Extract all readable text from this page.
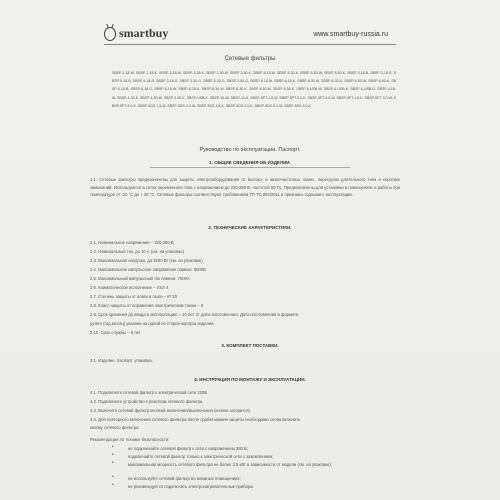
smartbuy	www.smartbuy-russia.ru
Сетевые фильтры
SBSP-1-18-W, SBSP-1-18-K, SBSP-3-18-W, SBSP-3-18-K, SBSP-3-30-W, SBSP-3-50-K, SBSP-5-18-W, SBSP-5-30-K, SBSP-5-50-W, SBSP-5-50-K, SBSP-3-18-B, SBSP-3-18-R, SBSP-5-18-B, SBSP-5-18-R, SBSP-3-18-G, SBSP-3-30-G, SBSP-5-30-G, SBSP-3-50-G, SBSP-6-18-W, SBSP-6-18-K, SBSP-6-30-W, SBSP-6-30-K, SBSP-6-50-W, SBSP-6-50-K, SBSP-6-18-B, SBSP-6-18-G, SBSP-8-18-W, SBSP-8-18-K, SBSP-8-30-W, SBSP-8-30-K, SBSP-8-50-W, SBSP-8-50-K, SBSP-6-USB-W, SBSP-6-USB-K, SBSP-6-USB-G, SBSP-4-18-W, SBSP-4-30-K, SBSP-4-50-W, SBSP-4-50-K, SBSP-USB-K, SBSP-10-W, SBSP-10-K, SBSP-5PT-1.8-W, SBSP-5PT-3.0-K, SBSP-5PT-5.0-W, SBSP-5PT-1.8-K, SBSP-5PT-3.0-W, SBSP-5PT-5.0-K, SBSP-5DS-1.8-W, SBSP-5DS-3.0-W, SBSP-5DS-1.8-K, SBSP-5DS-3.0-K, SBSP-5DS-5.0-W, SBSP-5DS-5.0-K
Руководство по эксплуатации. Паспорт.
1. ОБЩИЕ СВЕДЕНИЯ ОБ ИЗДЕЛИИ.
1.1. Сетевые фильтры предназначены для защиты электрооборудования от высоко- и низкочастотных помех, перегрузок длительного типа и коротких замыканий. Используются в сетях переменного тока с напряжением до 220-250 В, частотой 50 Гц. Предназначены для установки в помещениях и работы при температуре от -10 °С до + 30 °С. Сетевые фильтры соответствуют требованиям ТР ТС 004/2011 и признаны годными к эксплуатации.
2. ТЕХНИЧЕСКИЕ ХАРАКТЕРИСТИКИ.
2.1. Номинальное напряжение – 220-250 В
2.2. Номинальный ток, до 10 А (см. на упаковке)
2.3. Максимальная нагрузка, до 2200 Вт (см. на упаковке)
2.4. Максимальное импульсное напряжение помехи: 6000В
2.5. Максимальный импульсный ток помехи: 7500А
2.6. Климатическое исполнение – УХЛ 4
2.7. Степень защиты от влаги и пыли – IP 20
2.8. Класс защиты от поражения электрическим током – II
2.9. Срок хранения до ввода в эксплуатацию – 10 лет от даты изготовления. Дата изготовления в формате
уу.mm (год.месяц) указана на одной из сторон корпуса изделия.
2.10. Срок службы – 5 лет
3. КОМПЛЕКТ ПОСТАВКИ.
3.1. Изделие, паспорт, упаковка.
4. ИНСТРУКЦИЯ ПО МОНТАЖУ И ЭКСПЛУАТАЦИИ.
4.1. Подключите сетевой фильтр к электрической сети 220В
4.2. Подключите устройство к розеткам сетевого фильтра.
4.3. Включите сетевой фильтр кнопкой включения/выключения (кнопка загорится)
4.4. Для повторного включения сетевого фильтра после срабатывания защиты необходимо снова включить
кнопку сетевого фильтра.
Рекомендации по технике безопасности:
•	не подключайте сетевой фильтр к сети с напряжением 380 В;
•	подключайте сетевой фильтр только к электрической сети с заземлением;
•	максимальная мощность сетевого фильтра не более 3,5 кВт в зависимости от модели (см. на упаковке);
•	не используйте сетевой фильтр во влажных помещениях;
•	не рекомендуется подключать электронагревательные приборы
